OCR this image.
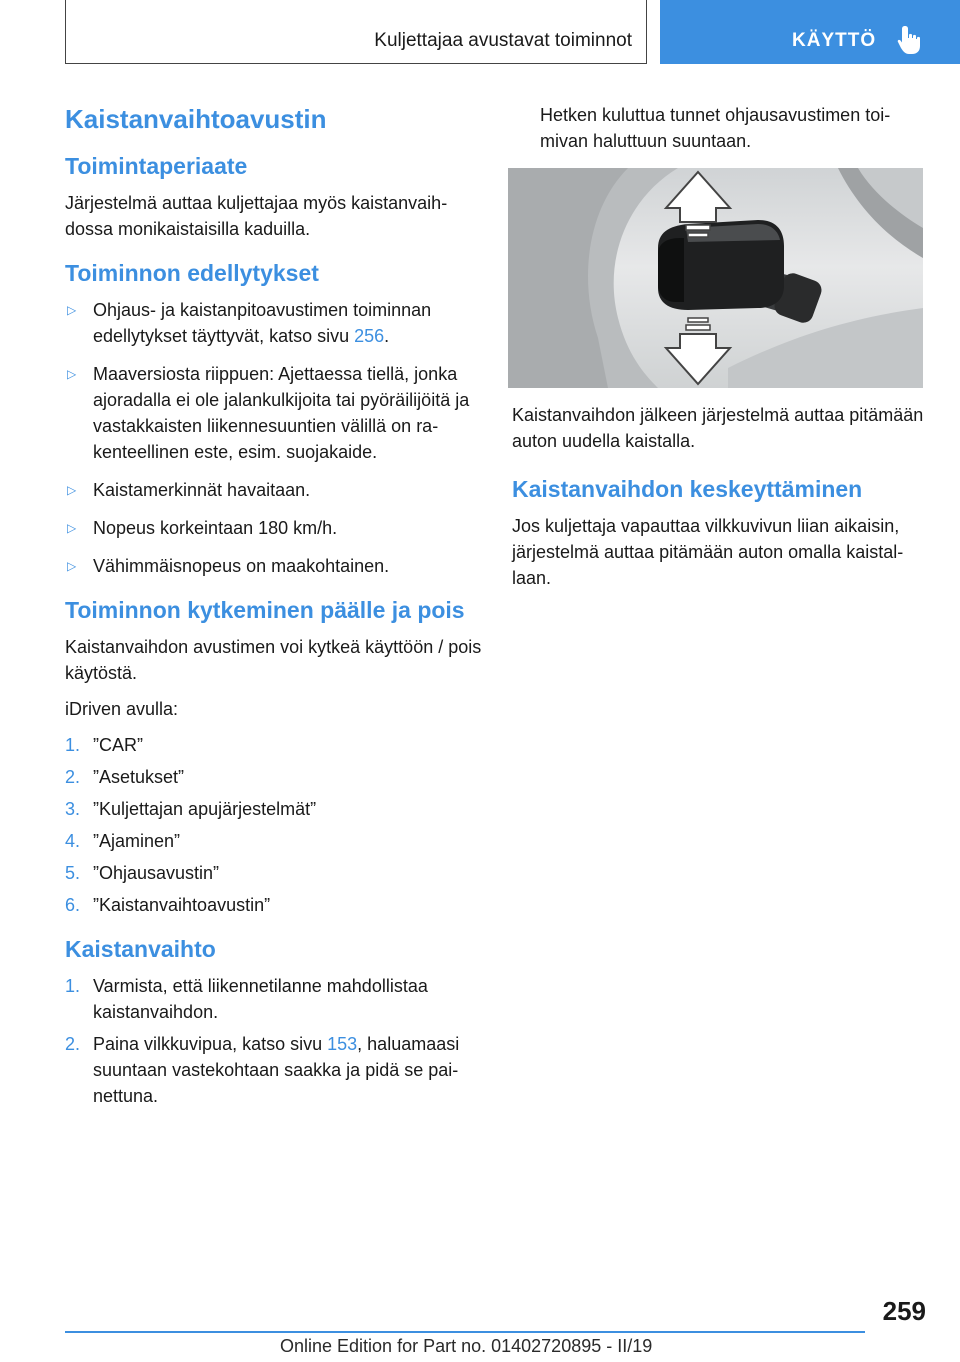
Kuljettajaa avustavat toiminnot	KÄYTTÖ
Kaistanvaihtoavustin
Toimintaperiaate

Järjestelmä auttaa kuljettajaa myös kaistanvaihdossa monikaistaisilla kaduilla.

Toiminnon edellytykset
▷ Ohjaus- ja kaistanpitoavustimen toiminnan edellytykset täyttyvät, katso sivu 256.
▷ Maaversiosta riippuen: Ajettaessa tiellä, jonka ajoradalla ei ole jalankulkijoita tai pyöräilijöitä ja vastakkaisten liikennesuuntien välillä on rakenteellinen este, esim. suojakaide.
▷ Kaistamerkinnät havaitaan.
▷ Nopeus korkeintaan 180 km/h.
▷ Vähimmäisnopeus on maakohtainen.
Toiminnon kytkeminen päälle ja pois

Kaistanvaihdon avustimen voi kytkeä käyttöön / pois käytöstä.

iDriven avulla:

1. ”CAR”
2. ”Asetukset”
3. ”Kuljettajan apujärjestelmät”
4. ”Ajaminen”
5. ”Ohjausavustin”
6. ”Kaistanvaihtoavustin”
Kaistanvaihto
1. Varmista, että liikennetilanne mahdollistaa kaistanvaihdon.
2. Paina vilkkuvipua, katso sivu 153, haluamaasi suuntaan vastekohtaan saakka ja pidä se painettuna.

Hetken kuluttua tunnet ohjausavustimen toimivan haluttuun suuntaan.

Kaistanvaihdon jälkeen järjestelmä auttaa pitämään auton uudella kaistalla.

Kaistanvaihdon keskeyttäminen

Jos kuljettaja vapauttaa vilkkuvivun liian aikaisin, järjestelmä auttaa pitämään auton omalla kaistallaan.

259
Online Edition for Part no. 01402720895 - II/19
